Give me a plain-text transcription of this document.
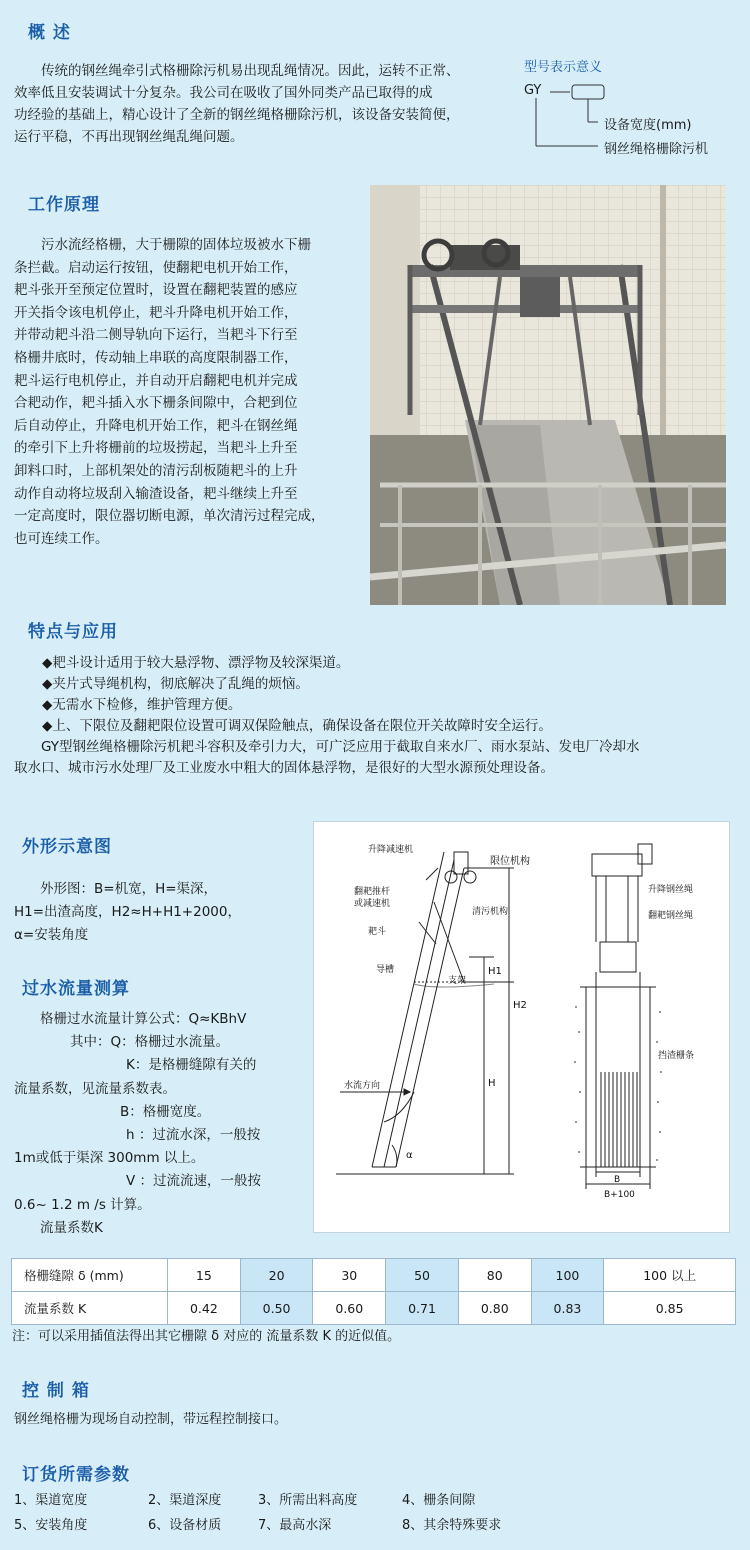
概 述
传统的钢丝绳牵引式格栅除污机易出现乱绳情况。因此，运转不正常、
效率低且安装调试十分复杂。我公司在吸收了国外同类产品已取得的成
功经验的基础上，精心设计了全新的钢丝绳格栅除污机，该设备安装简便，
运行平稳，不再出现钢丝绳乱绳问题。
型号表示意义
GY
设备宽度(mm)
钢丝绳格栅除污机
工作原理
污水流经格栅，大于栅隙的固体垃圾被水下栅
条拦截。启动运行按钮，使翻耙电机开始工作，
耙斗张开至预定位置时，设置在翻耙装置的感应
开关指令该电机停止，耙斗升降电机开始工作，
并带动耙斗沿二侧导轨向下运行，当耙斗下行至
格栅井底时，传动轴上串联的高度限制器工作，
耙斗运行电机停止，并自动开启翻耙电机并完成
合耙动作，耙斗插入水下栅条间隙中，合耙到位
后自动停止，升降电机开始工作，耙斗在钢丝绳
的牵引下上升将栅前的垃圾捞起，当耙斗上升至
卸料口时，上部机架处的清污刮板随耙斗的上升
动作自动将垃圾刮入输渣设备，耙斗继续上升至
一定高度时，限位器切断电源，单次清污过程完成，
也可连续工作。
特点与应用
◆耙斗设计适用于较大悬浮物、漂浮物及较深渠道。
◆夹片式导绳机构，彻底解决了乱绳的烦恼。
◆无需水下检修，维护管理方便。
◆上、下限位及翻耙限位设置可调双保险触点，确保设备在限位开关故障时安全运行。
GY型钢丝绳格栅除污机耙斗容积及牵引力大，可广泛应用于截取自来水厂、雨水泵站、发电厂冷却水
取水口、城市污水处理厂及工业废水中粗大的固体悬浮物，是很好的大型水源预处理设备。
外形示意图
外形图：B=机宽，H=渠深，
H1=出渣高度，H2≈H+H1+2000，
α=安装角度
过水流量测算
格栅过水流量计算公式：Q≈KBhV
其中：Q：格栅过水流量。
K：是格栅缝隙有关的
流量系数，见流量系数表。
B：格栅宽度。
h ：过流水深，一般按
1m或低于渠深 300mm 以上。
V ：过流流速，一般按
0.6~ 1.2 m /s 计算。
流量系数K
升降减速机
限位机构
翻耙推杆
或减速机
清污机构
耙斗
导槽
支架
水流方向
升降钢丝绳
翻耙钢丝绳
挡渣栅条
H1
H2
H
α
B
B+100
格栅缝隙 δ (mm)	15	20	30	50	80	100	100 以上
流量系数 K	0.42	0.50	0.60	0.71	0.80	0.83	0.85
注：可以采用插值法得出其它栅隙 δ 对应的 流量系数 K 的近似值。
控 制 箱
钢丝绳格栅为现场自动控制，带远程控制接口。
订货所需参数
1、渠道宽度	2、渠道深度	3、所需出料高度	4、栅条间隙
5、安装角度	6、设备材质	7、最高水深	8、其余特殊要求
